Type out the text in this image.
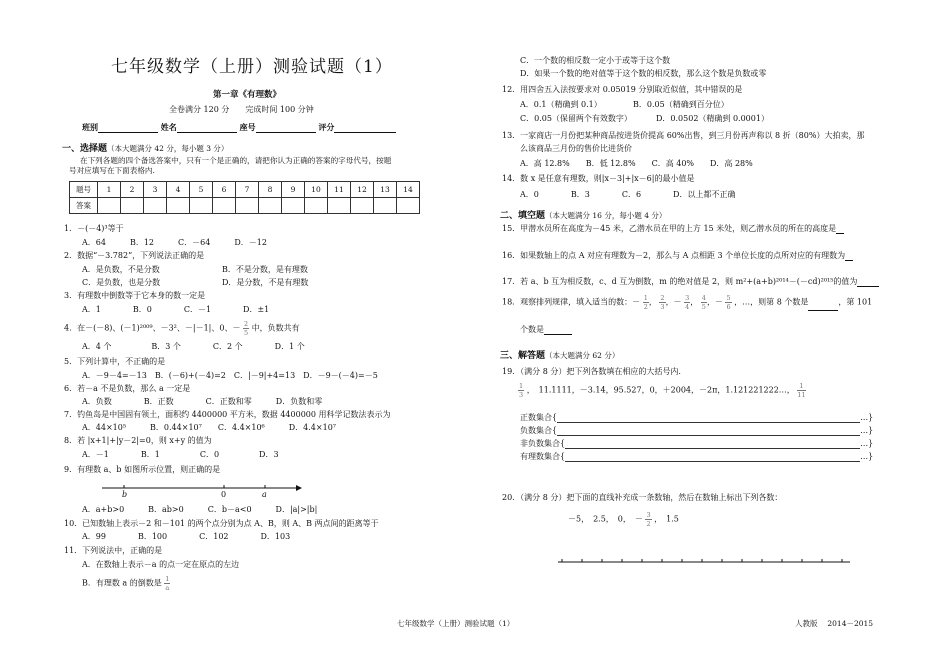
七年级数学（上册）测验试题（1）
第一章《有理数》
全卷满分 120 分　　完成时间 100 分钟
班别	姓名	座号	评分
一、选择题（本大题满分 42 分，每小题 3 分）
在下列各题的四个备选答案中，只有一个是正确的，请把你认为正确的答案的字母代号，按题
号对应填写在下面表格内.
题号	1	2	3	4	5	6	7	8	9	10	11	12	13	14
答案														
1．－(－4)³等于
A．64　　　B．12　　　C．－64　　　D．－12
2．数据“－3.782”，下列说法正确的是
A．是负数，不是分数	B．不是分数，是有理数
C．是负数，也是分数	D．是分数，不是有理数
3．有理数中倒数等于它本身的数一定是
A．1　　　　B．0　　　　C．－1　　　　D．±1
4．在－(－8)、(－1)²⁰⁰⁹、－3²、－|－1|、0、－ $\frac{2}{5}$ 中，负数共有
A．4 个　　　　　B．3 个　　　　C．2 个　　　　D．1 个
5．下列计算中，不正确的是
A．－9－4=－13　B．(－6)+(－4)=2　C．|－9|+4=13　D．－9－(－4)=－5
6．若－a 不是负数，那么 a 一定是
A．负数　　　　B．正数　　　　C．正数和零　　　D．负数和零
7．钓鱼岛是中国固有领土，面积约 4400000 平方米，数据 4400000 用科学记数法表示为
A．44×10⁵　　　B．0.44×10⁷　　C．4.4×10⁶　　　D．4.4×10⁷
8．若 |x+1|+|y－2|=0，则 x+y 的值为
A．－1　　　　B．1　　　　　C．0　　　　　D．3
9．有理数 a、b 如图所示位置，则正确的是
b	0	a
A．a+b>0　　　B．ab>0　　　C．b－a<0　　　D．|a|>|b|
10．已知数轴上表示－2 和－101 的两个点分别为点 A、B，则 A、B 两点间的距离等于
A．99　　　　B．100　　　　C．102　　　　D．103
11．下列说法中，正确的是
A．在数轴上表示－a 的点一定在原点的左边
B．有理数 a 的倒数是 $\frac{1}{a}$
C．一个数的相反数一定小于或等于这个数
D．如果一个数的绝对值等于这个数的相反数，那么这个数是负数或零
12．用四舍五入法按要求对 0.05019 分别取近似值，其中错误的是
A．0.1（精确到 0.1）	B．0.05（精确到百分位）
C．0.05（保留两个有效数字）	D．0.0502（精确到 0.0001）
13．一家商店一月份把某种商品按进货价提高 60%出售，到三月份再声称以 8 折（80%）大拍卖，那
么该商品三月份的售价比进货价
A．高 12.8%　　B．低 12.8%　　C．高 40%　　D．高 28%
14．数 x 是任意有理数，则|x－3|+|x－6|的最小值是
A．0　　　　B．3　　　　C．6　　　　D．以上都不正确
二、填空题（本大题满分 16 分，每小题 4 分）
15．甲潜水员所在高度为－45 米，乙潜水员在甲的上方 15 米处，则乙潜水员的所在的高度是
16．如果数轴上的点 A 对应有理数为－2，那么与 A 点相距 3 个单位长度的点所对应的有理数为
17．若 a、b 互为相反数，c、d 互为倒数，m 的绝对值是 2，则 m²+(a+b)²⁰¹⁴－(－cd)²⁰¹⁵的值为
18．观察排列规律，填入适当的数：－ $\frac{1}{2}$， $\frac{2}{3}$，－ $\frac{3}{4}$， $\frac{4}{5}$，－ $\frac{5}{6}$ ，…，则第 8 个数是	，第 101
个数是
三、解答题（本大题满分 62 分）
19．（满分 8 分）把下列各数填在相应的大括号内.
$\frac{1}{3}$ ，　11.1111，－3.14，95.527，0，＋2004，－2π，1.121221222…， $\frac{1}{11}$
正数集合{	…}
负数集合{	…}
非负数集合{	…}
有理数集合{	…}
20．（满分 8 分）把下面的直线补充成一条数轴，然后在数轴上标出下列各数：
－5，　2.5，　0，　－ $\frac{3}{2}$ ，　1.5
七年级数学（上册）测验试题（1）	人教版　 2014－2015
